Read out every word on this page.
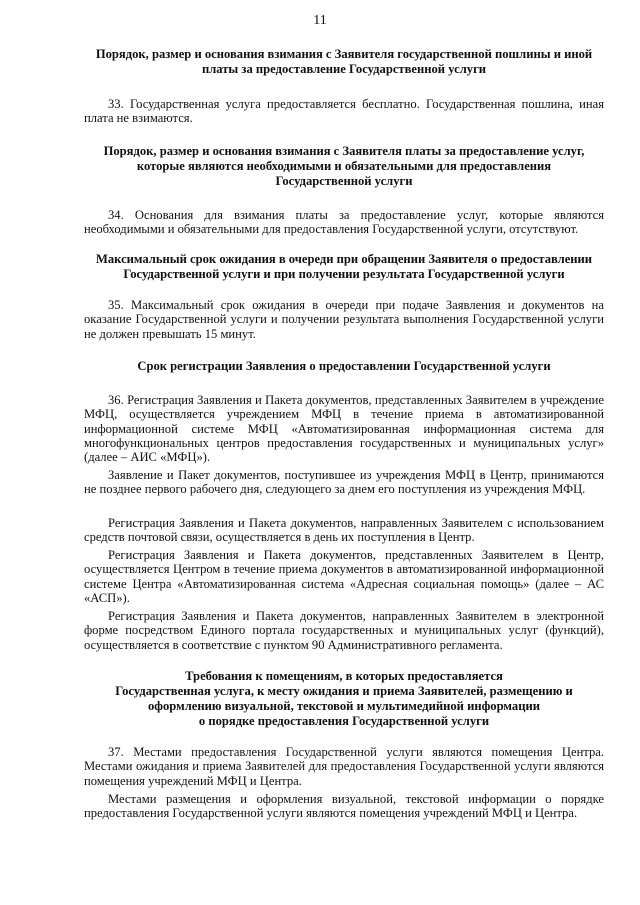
11
Порядок, размер и основания взимания с Заявителя государственной пошлины и иной
платы за предоставление Государственной услуги

33. Государственная услуга предоставляется бесплатно. Государственная пошлина, иная плата не взимаются.

Порядок, размер и основания взимания с Заявителя платы за предоставление услуг,
которые являются необходимыми и обязательными для предоставления
Государственной услуги

34. Основания для взимания платы за предоставление услуг, которые являются необходимыми и обязательными для предоставления Государственной услуги, отсутствуют.

Максимальный срок ожидания в очереди при обращении Заявителя о предоставлении
Государственной услуги и при получении результата Государственной услуги

35. Максимальный срок ожидания в очереди при подаче Заявления и документов на оказание Государственной услуги и получении результата выполнения Государственной услуги не должен превышать 15 минут.

Срок регистрации Заявления о предоставлении Государственной услуги

36. Регистрация Заявления и Пакета документов, представленных Заявителем в учреждение МФЦ, осуществляется учреждением МФЦ в течение приема в автоматизированной информационной системе МФЦ «Автоматизированная информационная система для многофункциональных центров предоставления государственных и муниципальных услуг» (далее – АИС «МФЦ»).

Заявление и Пакет документов, поступившее из учреждения МФЦ в Центр, принимаются не позднее первого рабочего дня, следующего за днем его поступления из учреждения МФЦ.

Регистрация Заявления и Пакета документов, направленных Заявителем с использованием средств почтовой связи, осуществляется в день их поступления в Центр.

Регистрация Заявления и Пакета документов, представленных Заявителем в Центр, осуществляется Центром в течение приема документов в автоматизированной информационной системе Центра «Автоматизированная система «Адресная социальная помощь» (далее – АС «АСП»).

Регистрация Заявления и Пакета документов, направленных Заявителем в электронной форме посредством Единого портала государственных и муниципальных услуг (функций), осуществляется в соответствие с пунктом 90 Административного регламента.

Требования к помещениям, в которых предоставляется
Государственная услуга, к месту ожидания и приема Заявителей, размещению и
оформлению визуальной, текстовой и мультимедийной информации
о порядке предоставления Государственной услуги

37. Местами предоставления Государственной услуги являются помещения Центра. Местами ожидания и приема Заявителей для предоставления Государственной услуги являются помещения учреждений МФЦ и Центра.

Местами размещения и оформления визуальной, текстовой информации о порядке предоставления Государственной услуги являются помещения учреждений МФЦ и Центра.
